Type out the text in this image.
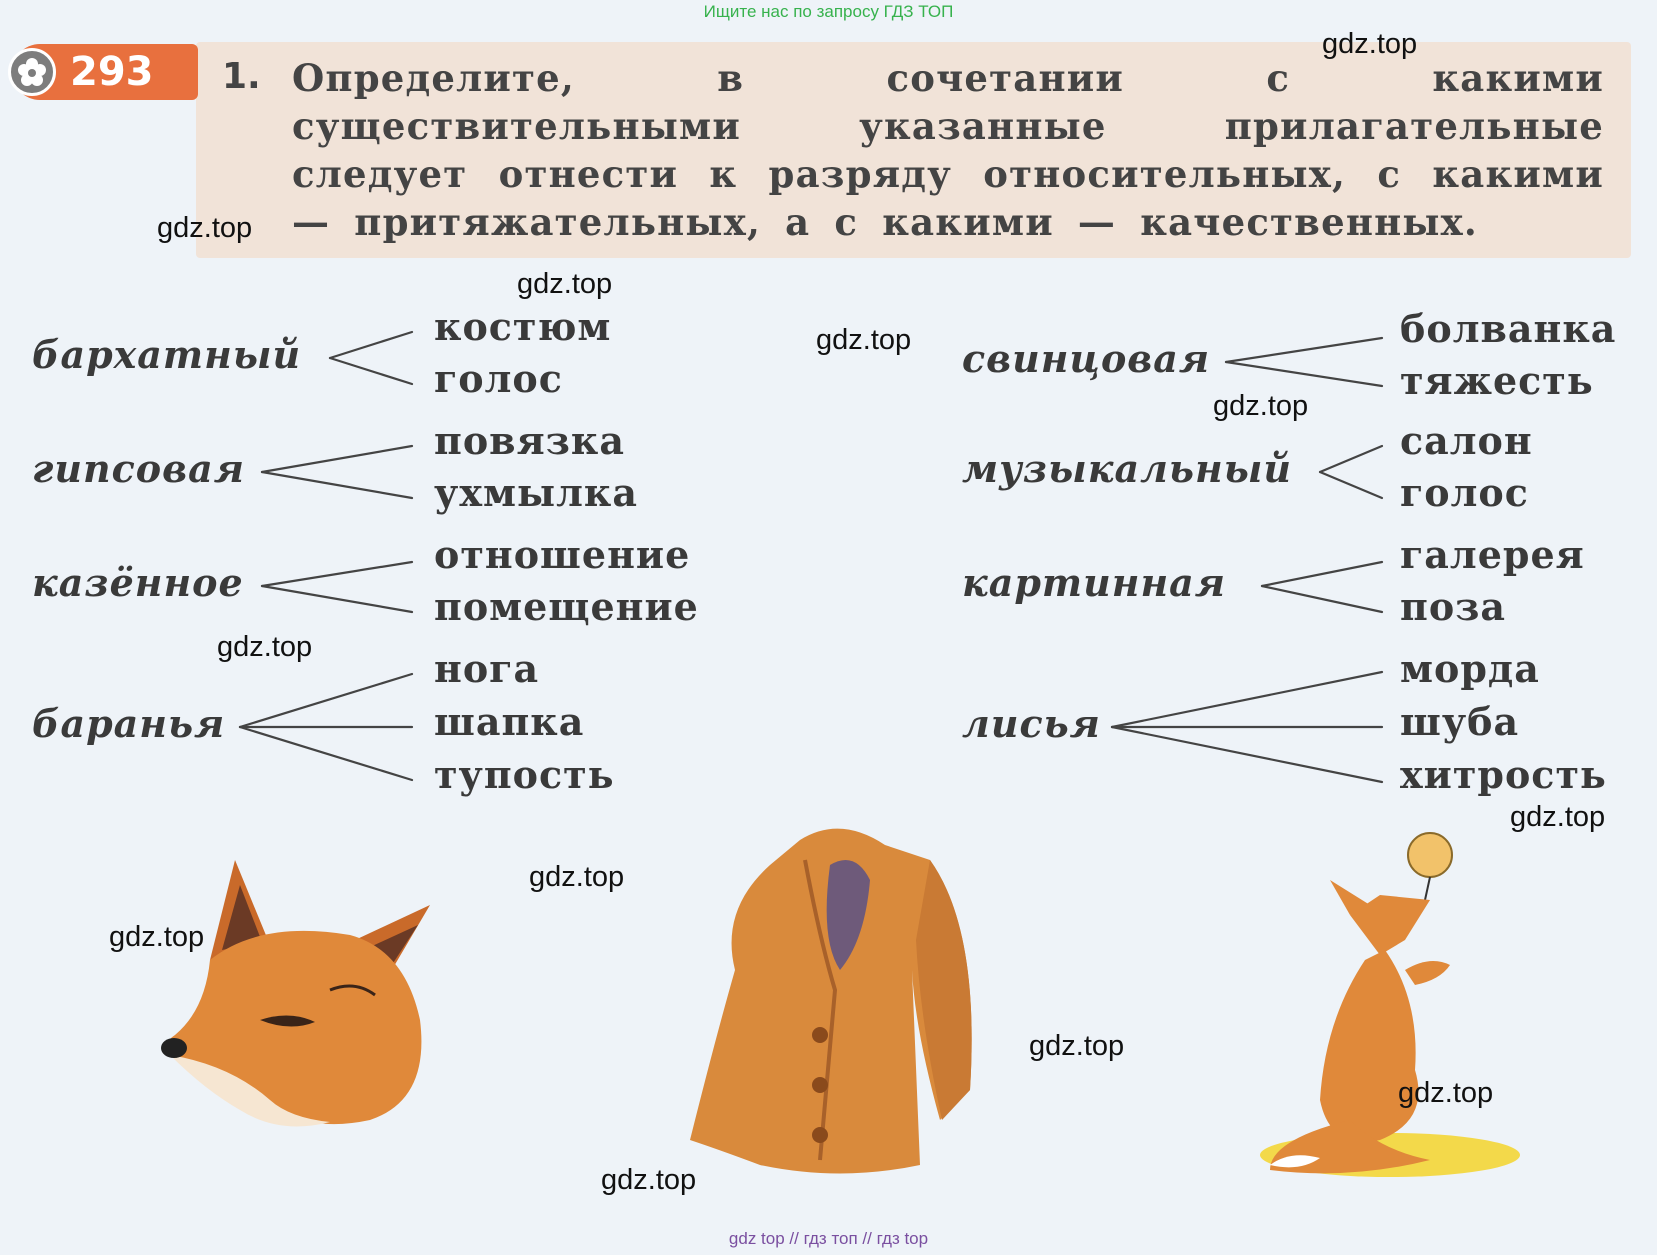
Ищите нас по запросу ГДЗ ТОП
293 1. Определите, в сочетании с какими существительными указанные прилагательные следует отнести к разряду относительных, с какими — притяжательных, а с какими — качественных.
бархатный
костюм
голос
гипсовая
повязка
ухмылка
казённое
отношение
помещение
баранья
нога
шапка
тупость
свинцовая
болванка
тяжесть
музыкальный
салон
голос
картинная
галерея
поза
лисья
морда
шуба
хитрость
gdz.top
gdz.top
gdz.top
gdz.top
gdz.top
gdz.top
gdz.top
gdz.top
gdz.top
gdz.top
gdz.top
gdz.top
gdz top // гдз топ // гдз top
